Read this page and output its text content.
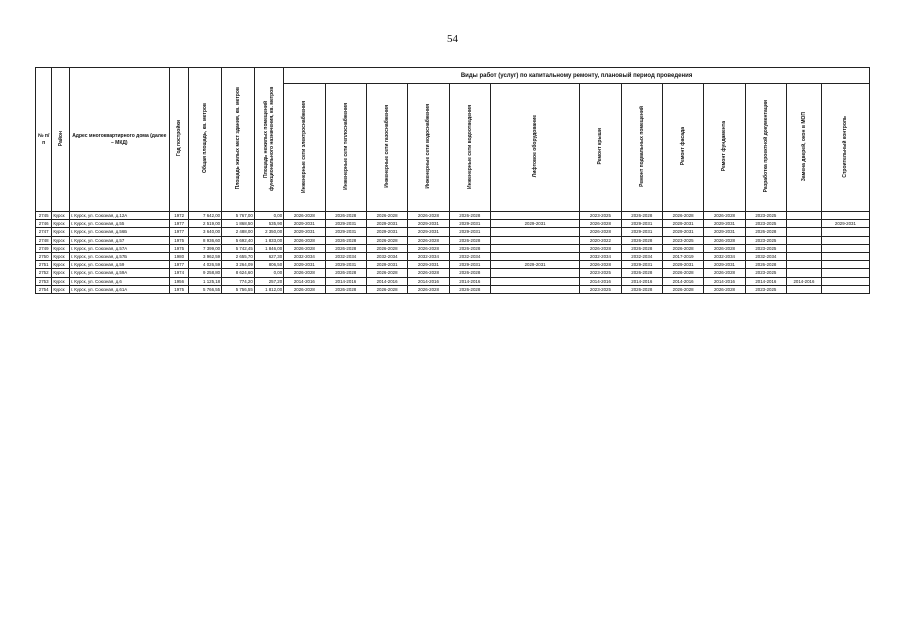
54
№ п/п	Район	Адрес многоквартирного дома (далее – МКД)	Год постройки	Общая площадь, кв. метров	Площадь жилых мест здания, кв. метров	Площадь нежилых помещений функционального назначения, кв. метров	Виды работ (услуг) по капитальному ремонту, плановый период проведения												
							Инженерные сети электроснабжения	Инженерные сети теплоснабжения	Инженерные сети газоснабжения	Инженерные сети водоснабжения	Инженерные сети водоотведения	Лифтовое оборудование	Ремонт крыши	Ремонт подвальных помещений	Ремонт фасада	Ремонт фундамента	Разработка проектной документации	Замена дверей, окон в МОП	Строительный контроль
2745	Курск	г. Курск, ул. Союзная, д.12А	1972	7 642,00	5 767,00	0,00	2026-2028	2026-2028	2026-2028	2026-2028	2026-2028		2023-2025	2026-2028	2026-2028	2026-2028	2023-2025		
2746	Курск	г. Курск, ул. Союзная, д.55	1977	2 519,00	1 868,50	535,90	2029-2031	2029-2031	2029-2031	2029-2031	2029-2031	2029-2031	2026-2028	2029-2031	2029-2031	2029-2031	2023-2025		2029-2031
2747	Курск	г. Курск, ул. Союзная, д.56Б	1977	3 640,00	2 488,00	2 350,00	2029-2031	2029-2031	2029-2031	2029-2031	2029-2031		2026-2028	2029-2031	2029-2031	2029-2031	2026-2028		
2748	Курск	г. Курск, ул. Союзная, д.57	1975	8 936,60	5 692,40	1 833,00	2026-2028	2026-2028	2026-2028	2026-2028	2026-2028		2020-2022	2026-2028	2023-2025	2026-2028	2023-2025		
2749	Курск	г. Курск, ул. Союзная, д.57А	1975	7 399,00	5 742,45	1 846,00	2026-2028	2026-2028	2026-2028	2026-2028	2026-2028		2026-2028	2026-2028	2026-2028	2026-2028	2023-2025		
2750	Курск	г. Курск, ул. Союзная, д.57Б	1980	3 962,59	2 655,70	627,30	2032-2034	2032-2034	2032-2034	2032-2034	2032-2034		2032-2034	2032-2034	2017-2019	2032-2034	2032-2034		
2751	Курск	г. Курск, ул. Союзная, д.59	1977	4 026,59	3 264,09	806,50	2029-2031	2029-2031	2029-2031	2029-2031	2029-2031	2029-2031	2026-2028	2029-2031	2029-2031	2029-2031	2026-2028		
2752	Курск	г. Курск, ул. Союзная, д.59А	1974	9 258,80	8 624,60	0,00	2026-2028	2026-2028	2026-2028	2026-2028	2026-2028		2023-2025	2026-2028	2026-2028	2026-2028	2023-2025		
2753	Курск	г. Курск, ул. Союзная, д.6	1956	1 125,18	774,20	257,20	2014-2016	2014-2016	2014-2016	2014-2016	2014-2016		2014-2016	2014-2016	2014-2016	2014-2016	2014-2016	2014-2016	
2754	Курск	г. Курск, ул. Союзная, д.61А	1975	5 766,55	5 756,55	1 812,00	2026-2028	2026-2028	2026-2028	2026-2028	2026-2028		2023-2025	2026-2028	2026-2028	2026-2028	2023-2025		
